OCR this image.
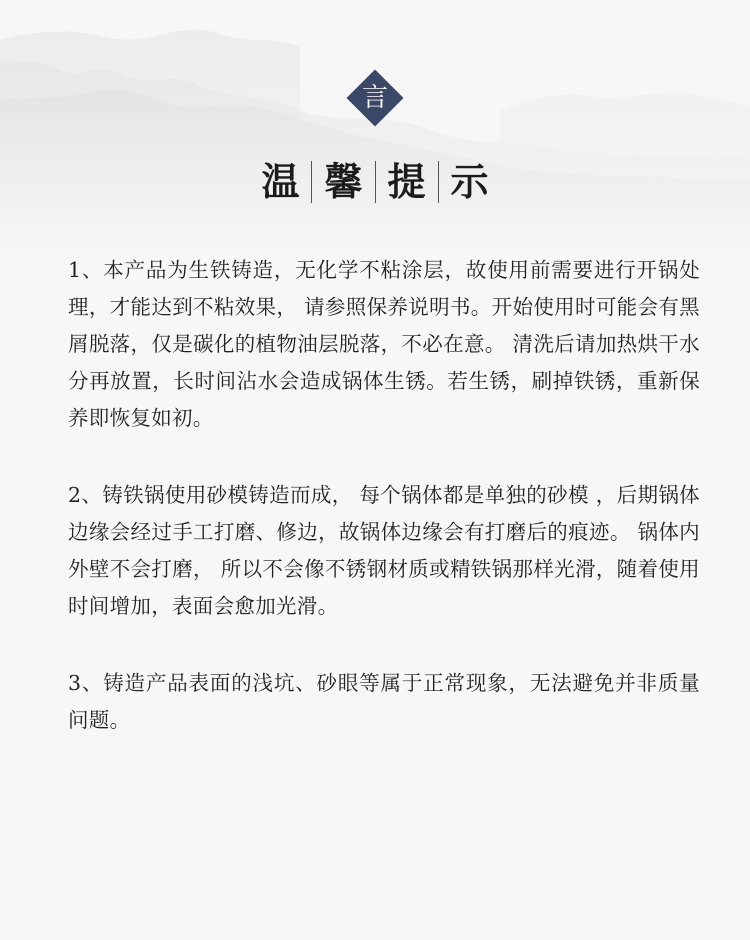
言
温 馨 提 示

1、本产品为生铁铸造，无化学不粘涂层，故使用前需要进行开锅处理，才能达到不粘效果， 请参照保养说明书。开始使用时可能会有黑屑脱落，仅是碳化的植物油层脱落，不必在意。 清洗后请加热烘干水分再放置，长时间沾水会造成锅体生锈。若生锈，刷掉铁锈，重新保养即恢复如初。

2、铸铁锅使用砂模铸造而成， 每个锅体都是单独的砂模 ，后期锅体边缘会经过手工打磨、修边，故锅体边缘会有打磨后的痕迹。 锅体内外壁不会打磨， 所以不会像不锈钢材质或精铁锅那样光滑，随着使用时间增加，表面会愈加光滑。

3、铸造产品表面的浅坑、砂眼等属于正常现象，无法避免并非质量问题。
